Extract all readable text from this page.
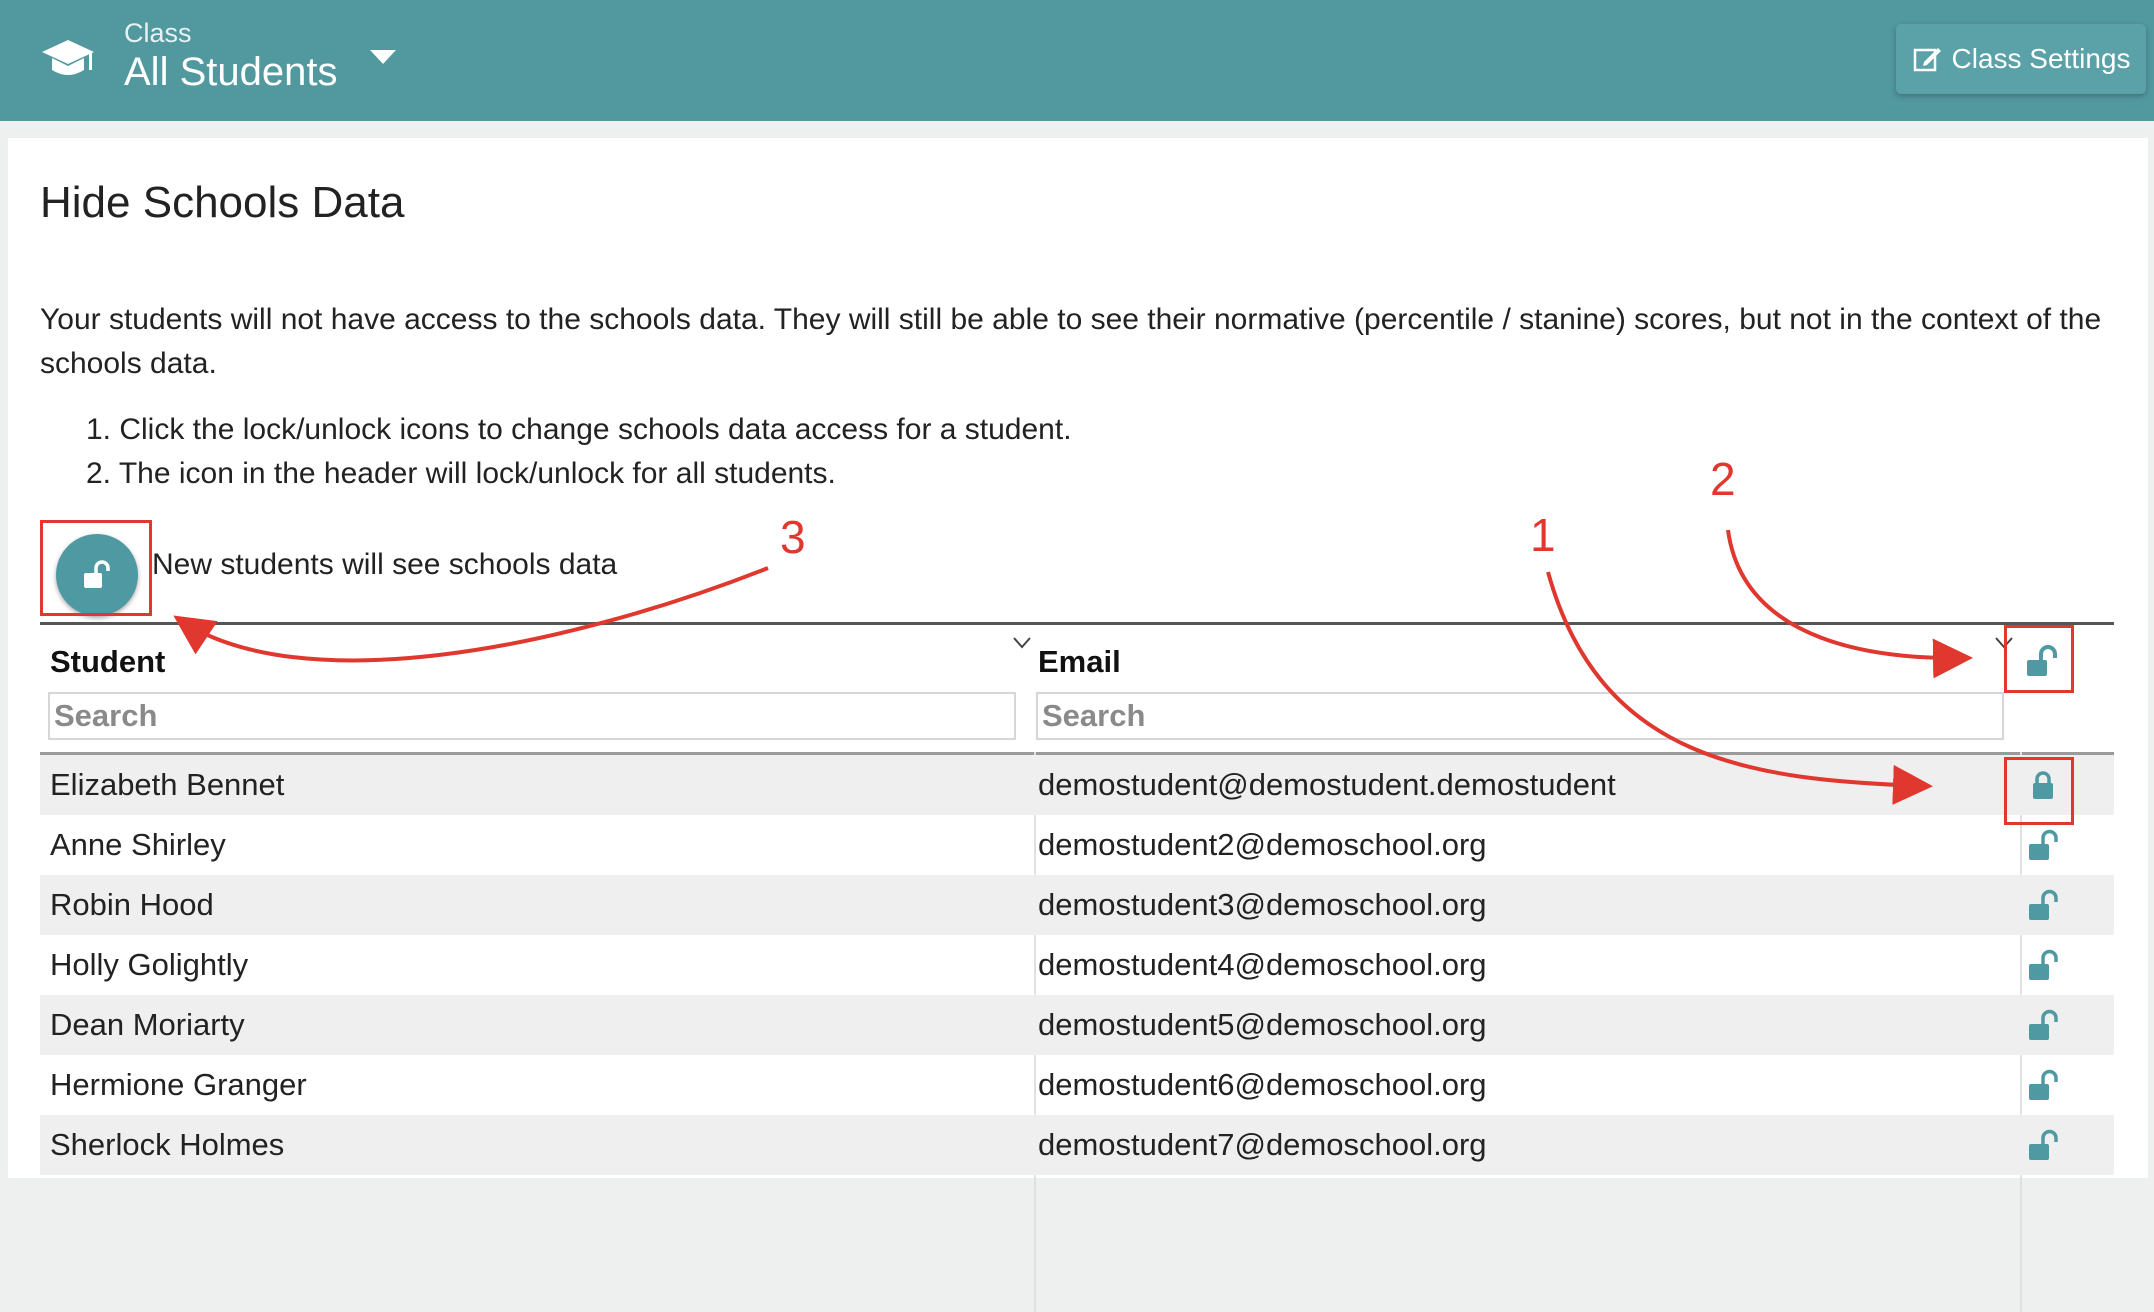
Class
All Students	Class Settings
Hide Schools Data

Your students will not have access to the schools data. They will still be able to see their normative (percentile / stanine) scores, but not in the context of the schools data.

1. Click the lock/unlock icons to change schools data access for a student.
2. The icon in the header will lock/unlock for all students.
New students will see schools data
Student	Email
Search
Search
Elizabeth Bennet	demostudent@demostudent.demostudent
Anne Shirley	demostudent2@demoschool.org
Robin Hood	demostudent3@demoschool.org
Holly Golightly	demostudent4@demoschool.org
Dean Moriarty	demostudent5@demoschool.org
Hermione Granger	demostudent6@demoschool.org
Sherlock Holmes	demostudent7@demoschool.org
1
2
3
